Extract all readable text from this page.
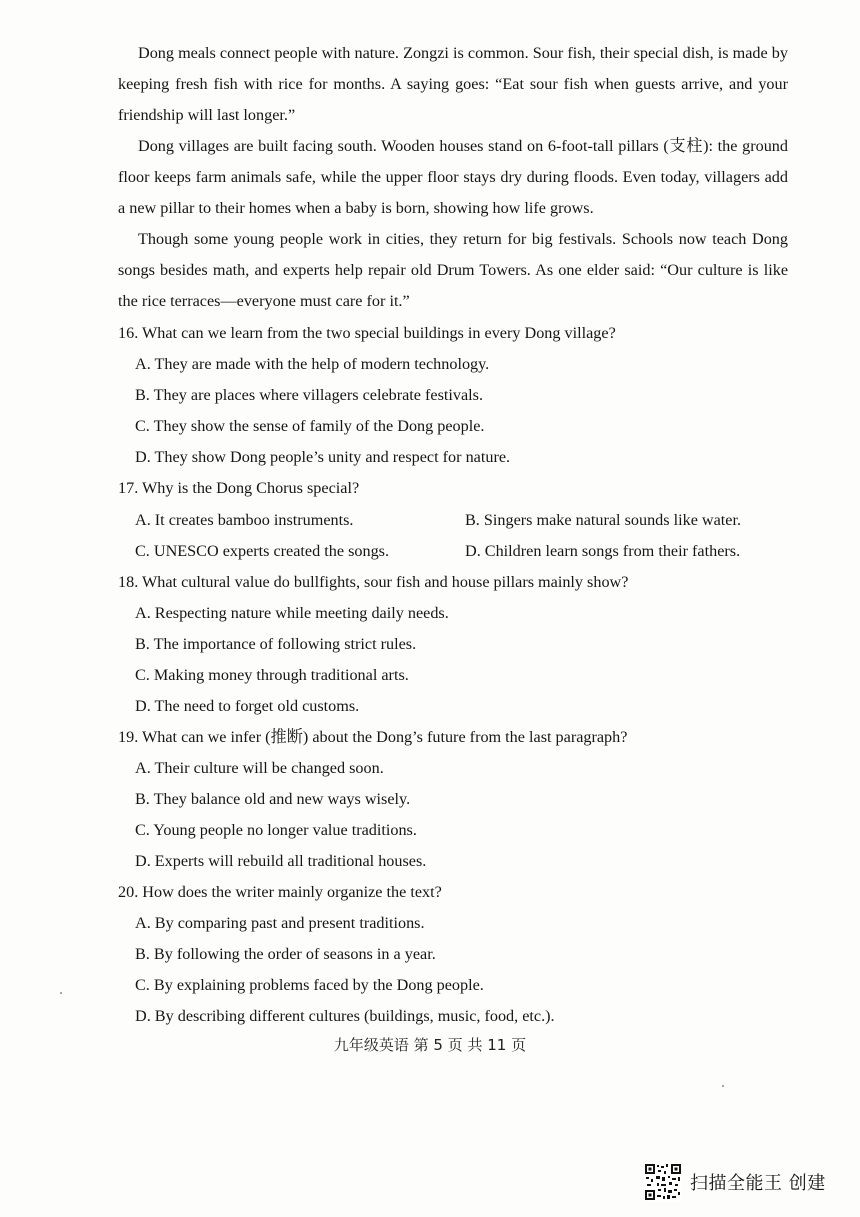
Dong meals connect people with nature. Zongzi is common. Sour fish, their special dish, is made by keeping fresh fish with rice for months. A saying goes: “Eat sour fish when guests arrive, and your friendship will last longer.”

Dong villages are built facing south. Wooden houses stand on 6-foot-tall pillars (支柱): the ground floor keeps farm animals safe, while the upper floor stays dry during floods. Even today, villagers add a new pillar to their homes when a baby is born, showing how life grows.

Though some young people work in cities, they return for big festivals. Schools now teach Dong songs besides math, and experts help repair old Drum Towers. As one elder said: “Our culture is like the rice terraces—everyone must care for it.”

16. What can we learn from the two special buildings in every Dong village?

A. They are made with the help of modern technology.

B. They are places where villagers celebrate festivals.

C. They show the sense of family of the Dong people.

D. They show Dong people’s unity and respect for nature.

17. Why is the Dong Chorus special?

A. It creates bamboo instruments.	B. Singers make natural sounds like water.

C. UNESCO experts created the songs.	D. Children learn songs from their fathers.

18. What cultural value do bullfights, sour fish and house pillars mainly show?

A. Respecting nature while meeting daily needs.

B. The importance of following strict rules.

C. Making money through traditional arts.

D. The need to forget old customs.

19. What can we infer (推断) about the Dong’s future from the last paragraph?

A. Their culture will be changed soon.

B. They balance old and new ways wisely.

C. Young people no longer value traditions.

D. Experts will rebuild all traditional houses.

20. How does the writer mainly organize the text?

A. By comparing past and present traditions.

B. By following the order of seasons in a year.

C. By explaining problems faced by the Dong people.

D. By describing different cultures (buildings, music, food, etc.).

九年级英语 第 5 页 共 11 页
扫描全能王 创建
